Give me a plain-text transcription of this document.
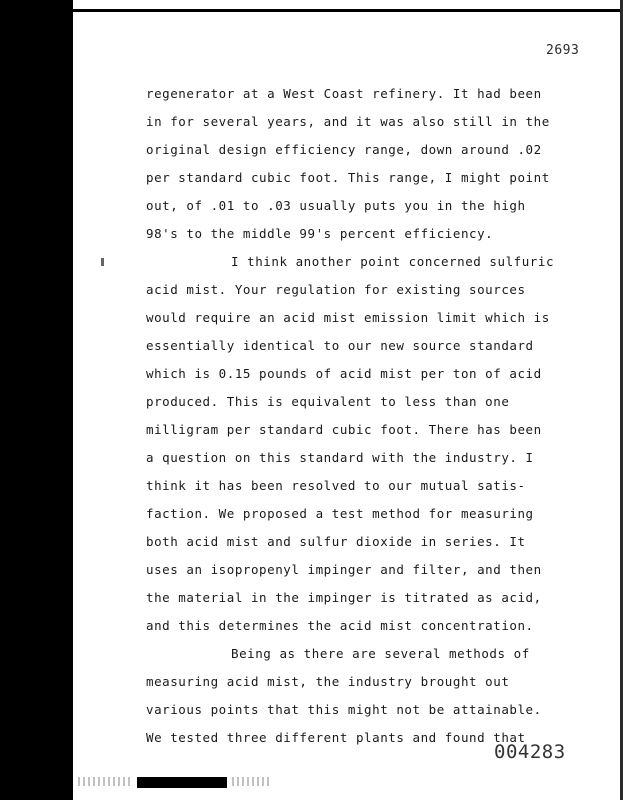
2693
regenerator at a West Coast refinery. It had been
in for several years, and it was also still in the
original design efficiency range, down around .02
per standard cubic foot. This range, I might point
out, of .01 to .03 usually puts you in the high
98's to the middle 99's percent efficiency.
I think another point concerned sulfuric
acid mist. Your regulation for existing sources
would require an acid mist emission limit which is
essentially identical to our new source standard
which is 0.15 pounds of acid mist per ton of acid
produced. This is equivalent to less than one
milligram per standard cubic foot. There has been
a question on this standard with the industry. I
think it has been resolved to our mutual satis-
faction. We proposed a test method for measuring
both acid mist and sulfur dioxide in series. It
uses an isopropenyl impinger and filter, and then
the material in the impinger is titrated as acid,
and this determines the acid mist concentration.
Being as there are several methods of
measuring acid mist, the industry brought out
various points that this might not be attainable.
We tested three different plants and found that
004283
